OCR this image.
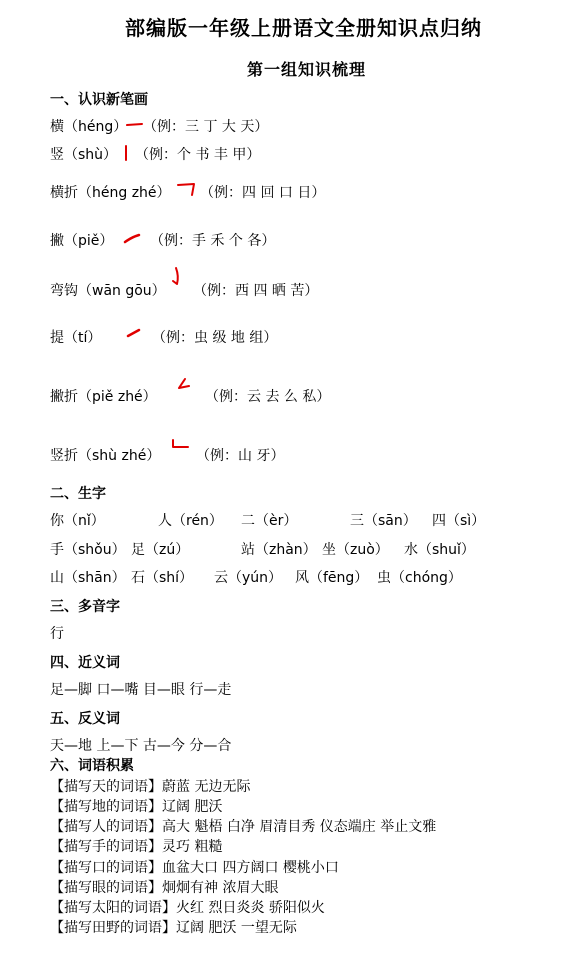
部编版一年级上册语文全册知识点归纳
第一组知识梳理
一、认识新笔画
横（héng） （例：三 丁 大 天）
竖（shù） （例：个 书 丰 甲）
横折（héng zhé） （例：四 回 口 日）
撇（piě）	（例：手 禾 个 各）
弯钩（wān gōu） （例：西 四 晒 苦）
提（tí）	（例：虫 级 地 组）
撇折（piě zhé）	（例：云 去 么 私）
竖折（shù zhé）	（例：山 牙）
二、生字
你（nǐ）	人（rén） 二（èr）	三（sān） 四（sì）
手（shǒu） 足（zú）	站（zhàn） 坐（zuò） 水（shuǐ）
山（shān） 石（shí） 云（yún） 风（fēng） 虫（chóng）
三、多音字
行
四、近义词
足—脚 口—嘴 目—眼 行—走
五、反义词
天—地 上—下 古—今 分—合
六、词语积累
【描写天的词语】蔚蓝 无边无际
【描写地的词语】辽阔 肥沃
【描写人的词语】高大 魁梧 白净 眉清目秀 仪态端庄 举止文雅
【描写手的词语】灵巧 粗糙
【描写口的词语】血盆大口 四方阔口 樱桃小口
【描写眼的词语】炯炯有神 浓眉大眼
【描写太阳的词语】火红 烈日炎炎 骄阳似火
【描写田野的词语】辽阔 肥沃 一望无际
